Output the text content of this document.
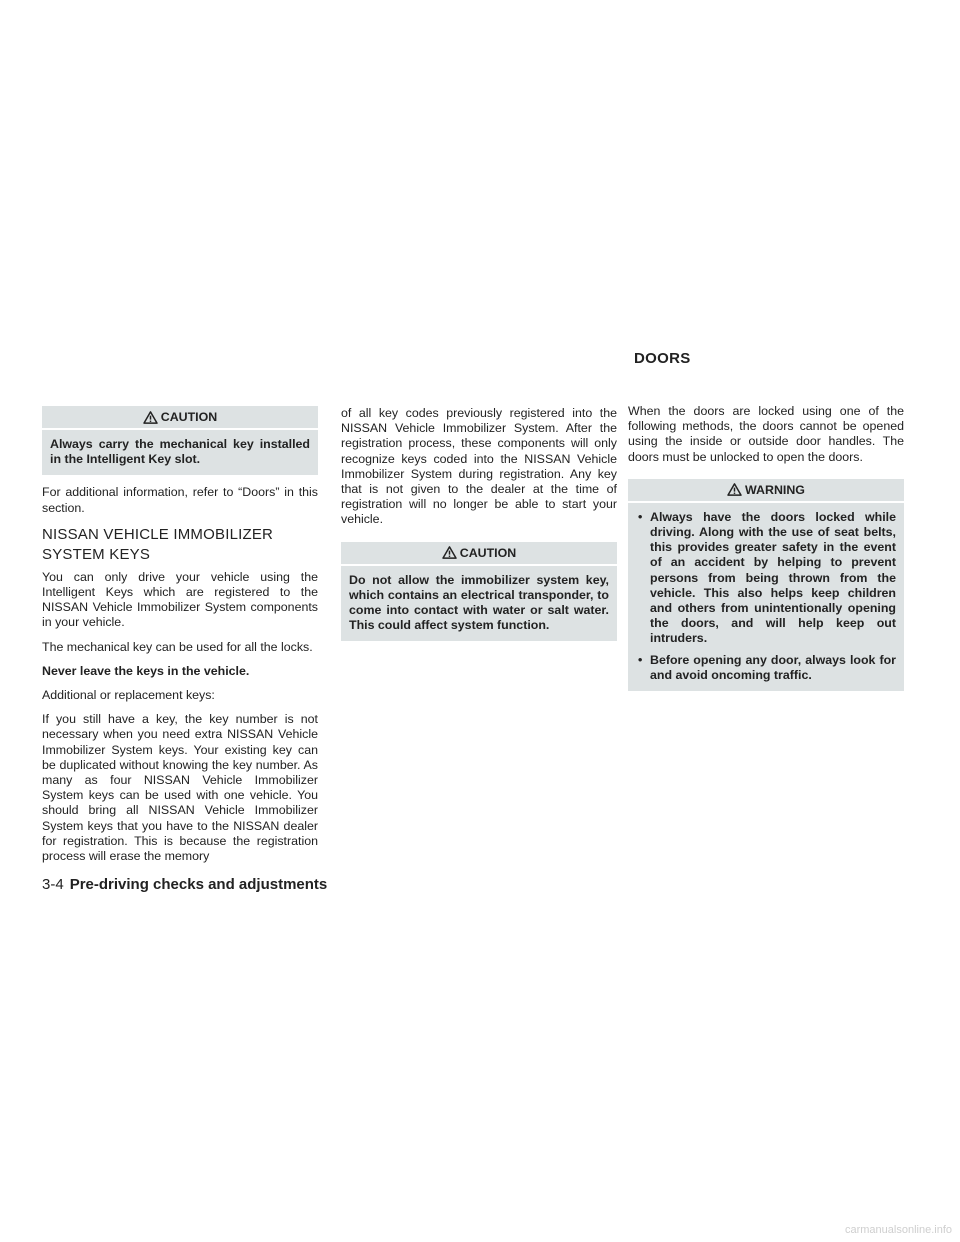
DOORS
CAUTION
Always carry the mechanical key installed in the Intelligent Key slot.

For additional information, refer to “Doors” in this section.

NISSAN VEHICLE IMMOBILIZER
SYSTEM KEYS

You can only drive your vehicle using the Intelligent Keys which are registered to the NISSAN Vehicle Immobilizer System components in your vehicle.

The mechanical key can be used for all the locks.

Never leave the keys in the vehicle.

Additional or replacement keys:

If you still have a key, the key number is not necessary when you need extra NISSAN Vehicle Immobilizer System keys. Your existing key can be duplicated without knowing the key number. As many as four NISSAN Vehicle Immobilizer System keys can be used with one vehicle. You should bring all NISSAN Vehicle Immobilizer System keys that you have to the NISSAN dealer for registration. This is because the registration process will erase the memory

of all key codes previously registered into the NISSAN Vehicle Immobilizer System. After the registration process, these components will only recognize keys coded into the NISSAN Vehicle Immobilizer System during registration. Any key that is not given to the dealer at the time of registration will no longer be able to start your vehicle.

CAUTION
Do not allow the immobilizer system key, which contains an electrical transponder, to come into contact with water or salt water. This could affect system function.

When the doors are locked using one of the following methods, the doors cannot be opened using the inside or outside door handles. The doors must be unlocked to open the doors.

WARNING
• Always have the doors locked while driving. Along with the use of seat belts, this provides greater safety in the event of an accident by helping to prevent persons from being thrown from the vehicle. This also helps keep children and others from unintentionally opening the doors, and will help keep out intruders.
• Before opening any door, always look for and avoid oncoming traffic.
3-4 Pre-driving checks and adjustments
carmanualsonline.info
